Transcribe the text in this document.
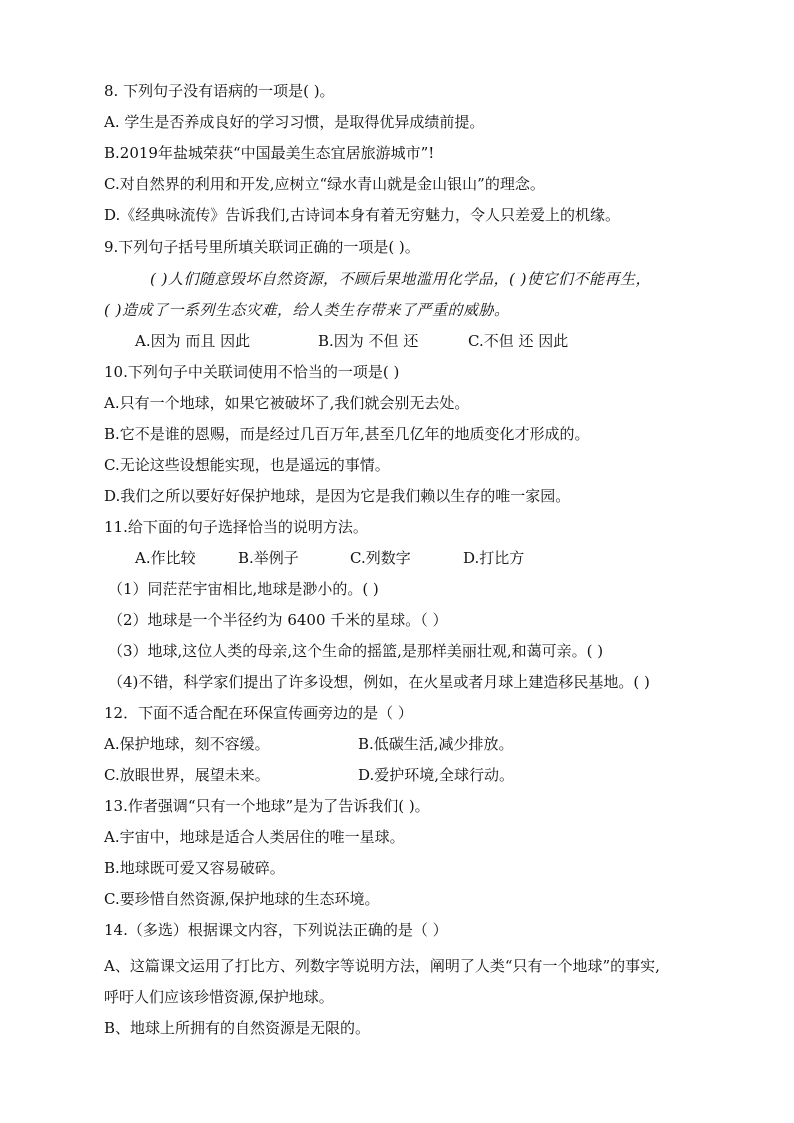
8. 下列句子没有语病的一项是( )。
A. 学生是否养成良好的学习习惯，是取得优异成绩前提。
B.2019年盐城荣获“中国最美生态宜居旅游城市”!
C.对自然界的利用和开发,应树立“绿水青山就是金山银山”的理念。
D.《经典咏流传》告诉我们,古诗词本身有着无穷魅力，令人只差爱上的机缘。
9.下列句子括号里所填关联词正确的一项是( )。
( )人们随意毁坏自然资源，不顾后果地滥用化学品，( )使它们不能再生，
( )造成了一系列生态灾难，给人类生存带来了严重的威胁。
A.因为 而且 因此	B.因为 不但 还	C.不但 还 因此
10.下列句子中关联词使用不恰当的一项是( )
A.只有一个地球，如果它被破坏了,我们就会别无去处。
B.它不是谁的恩赐，而是经过几百万年,甚至几亿年的地质变化才形成的。
C.无论这些设想能实现，也是遥远的事情。
D.我们之所以要好好保护地球，是因为它是我们赖以生存的唯一家园。
11.给下面的句子选择恰当的说明方法。
A.作比较	B.举例子	C.列数字	D.打比方
（1）同茫茫宇宙相比,地球是渺小的。( )
（2）地球是一个半径约为 6400 千米的星球。（ ）
（3）地球,这位人类的母亲,这个生命的摇篮,是那样美丽壮观,和蔼可亲。( )
（4)不错，科学家们提出了许多设想，例如，在火星或者月球上建造移民基地。( )
12．下面不适合配在环保宣传画旁边的是（ ）
A.保护地球，刻不容缓。	B.低碳生活,减少排放。
C.放眼世界，展望未来。	D.爱护环境,全球行动。
13.作者强调“只有一个地球”是为了告诉我们( )。
A.宇宙中，地球是适合人类居住的唯一星球。
B.地球既可爱又容易破碎。
C.要珍惜自然资源,保护地球的生态环境。
14.（多选）根据课文内容，下列说法正确的是（ ）
A、这篇课文运用了打比方、列数字等说明方法，阐明了人类“只有一个地球”的事实,
呼吁人们应该珍惜资源,保护地球。
B、地球上所拥有的自然资源是无限的。
